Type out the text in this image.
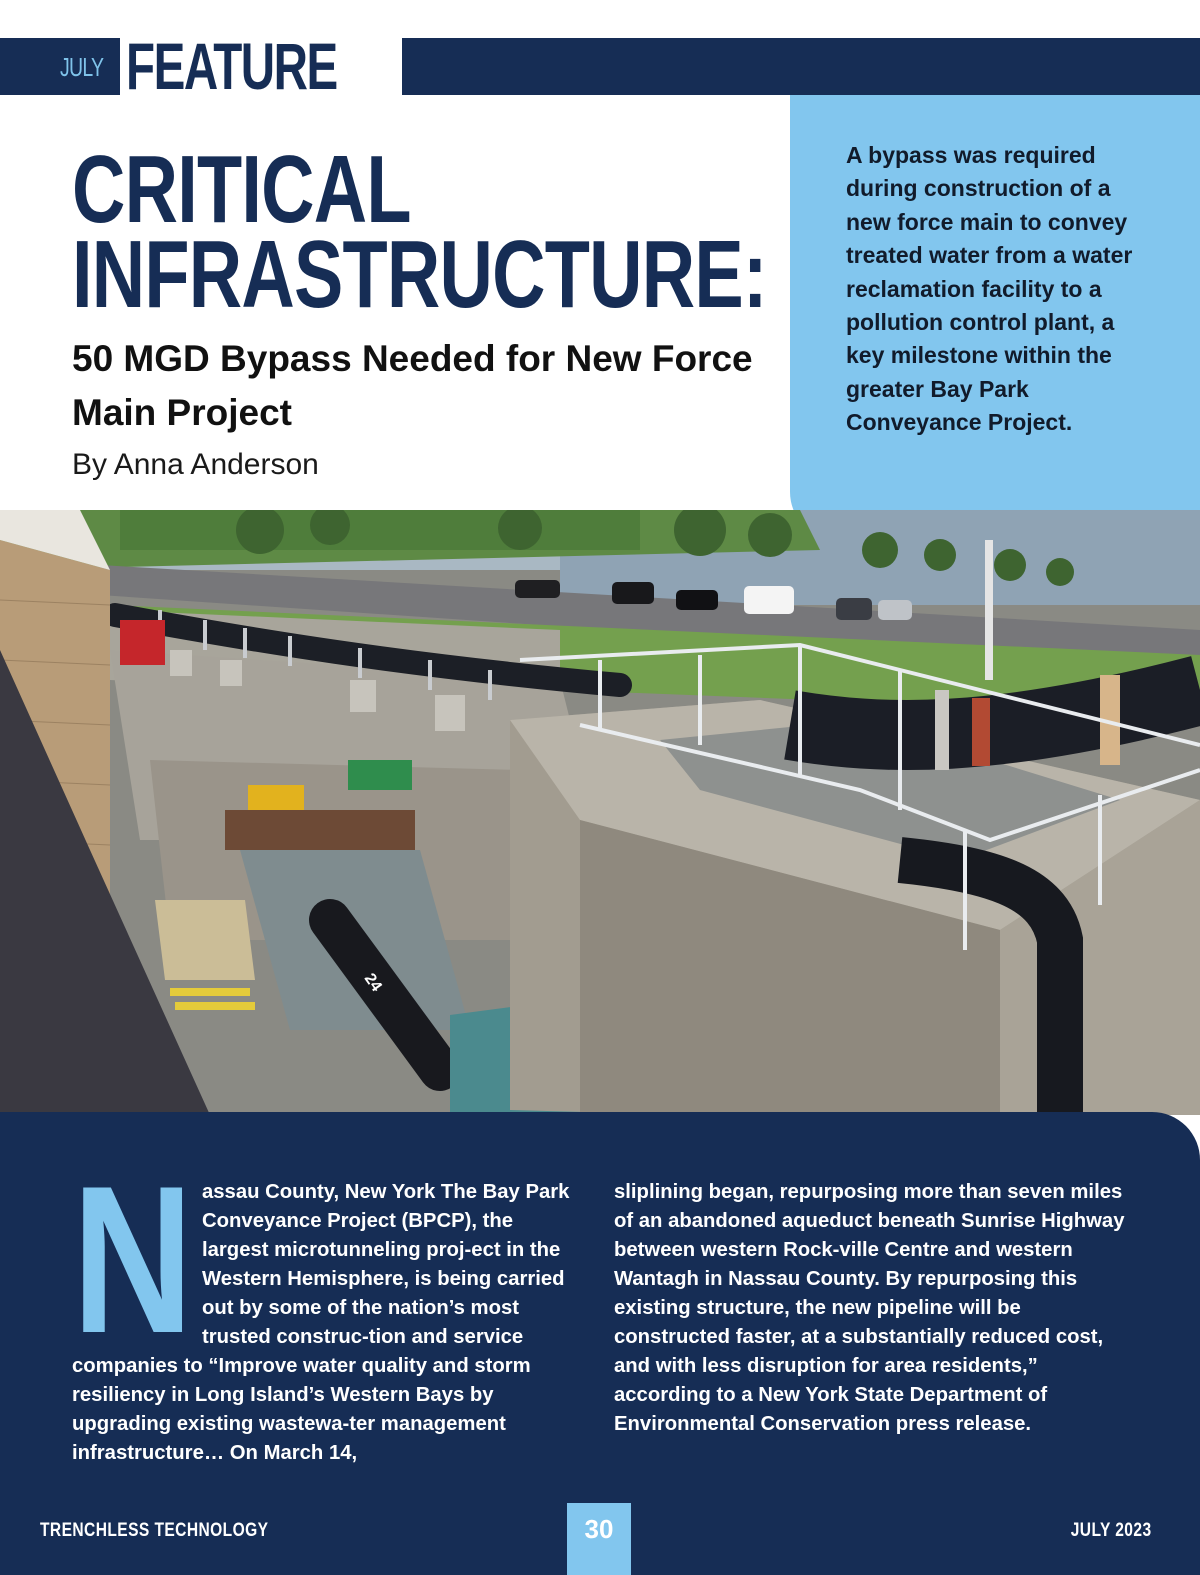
JULY FEATURE

A bypass was required during construction of a new force main to convey treated water from a water reclamation facility to a pollution control plant, a key milestone within the greater Bay Park Conveyance Project.

CRITICAL
INFRASTRUCTURE:
50 MGD Bypass Needed for New Force Main Project
By Anna Anderson
24
N assau County, New York The Bay Park Conveyance Project (BPCP), the largest microtunneling proj-ect in the Western Hemisphere, is being carried out by some of the nation’s most trusted construc-tion and service companies to “Improve water quality and storm resiliency in Long Island’s Western Bays by upgrading existing wastewa-ter management infrastructure… On March 14,
sliplining began, repurposing more than seven miles of an abandoned aqueduct beneath Sunrise Highway between western Rock-ville Centre and western Wantagh in Nassau County. By repurposing this existing structure, the new pipeline will be constructed faster, at a substantially reduced cost, and with less disruption for area residents,” according to a New York State Department of Environmental Conservation press release.
TRENCHLESS TECHNOLOGY	30	JULY 2023
